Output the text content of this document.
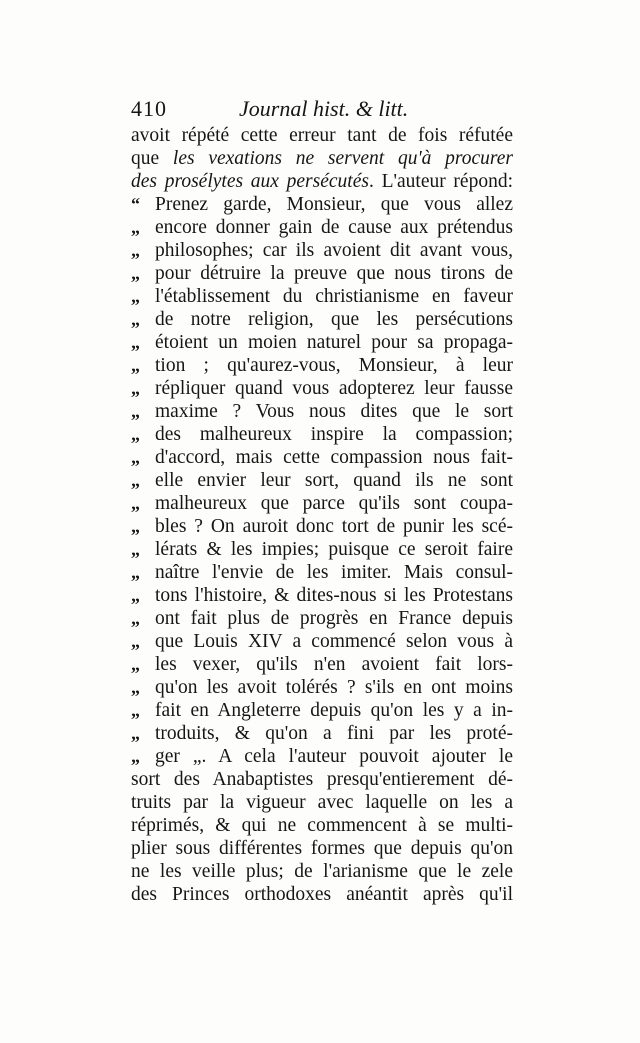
410	Journal hist. & litt.
avoit répété cette erreur tant de fois réfutée
que les vexations ne servent qu'à procurer
des prosélytes aux persécutés. L'auteur répond:
“ Prenez garde, Monsieur, que vous allez
„ encore donner gain de cause aux prétendus
„ philosophes; car ils avoient dit avant vous,
„ pour détruire la preuve que nous tirons de
„ l'établissement du christianisme en faveur
„ de notre religion, que les persécutions
„ étoient un moien naturel pour sa propaga-
„ tion ; qu'aurez-vous, Monsieur, à leur
„ répliquer quand vous adopterez leur fausse
„ maxime ? Vous nous dites que le sort
„ des malheureux inspire la compassion;
„ d'accord, mais cette compassion nous fait-
„ elle envier leur sort, quand ils ne sont
„ malheureux que parce qu'ils sont coupa-
„ bles ? On auroit donc tort de punir les scé-
„ lérats & les impies; puisque ce seroit faire
„ naître l'envie de les imiter. Mais consul-
„ tons l'histoire, & dites-nous si les Protestans
„ ont fait plus de progrès en France depuis
„ que Louis XIV a commencé selon vous à
„ les vexer, qu'ils n'en avoient fait lors-
„ qu'on les avoit tolérés ? s'ils en ont moins
„ fait en Angleterre depuis qu'on les y a in-
„ troduits, & qu'on a fini par les proté-
„ ger „. A cela l'auteur pouvoit ajouter le
sort des Anabaptistes presqu'entierement dé-
truits par la vigueur avec laquelle on les a
réprimés, & qui ne commencent à se multi-
plier sous différentes formes que depuis qu'on
ne les veille plus; de l'arianisme que le zele
des Princes orthodoxes anéantit après qu'il
